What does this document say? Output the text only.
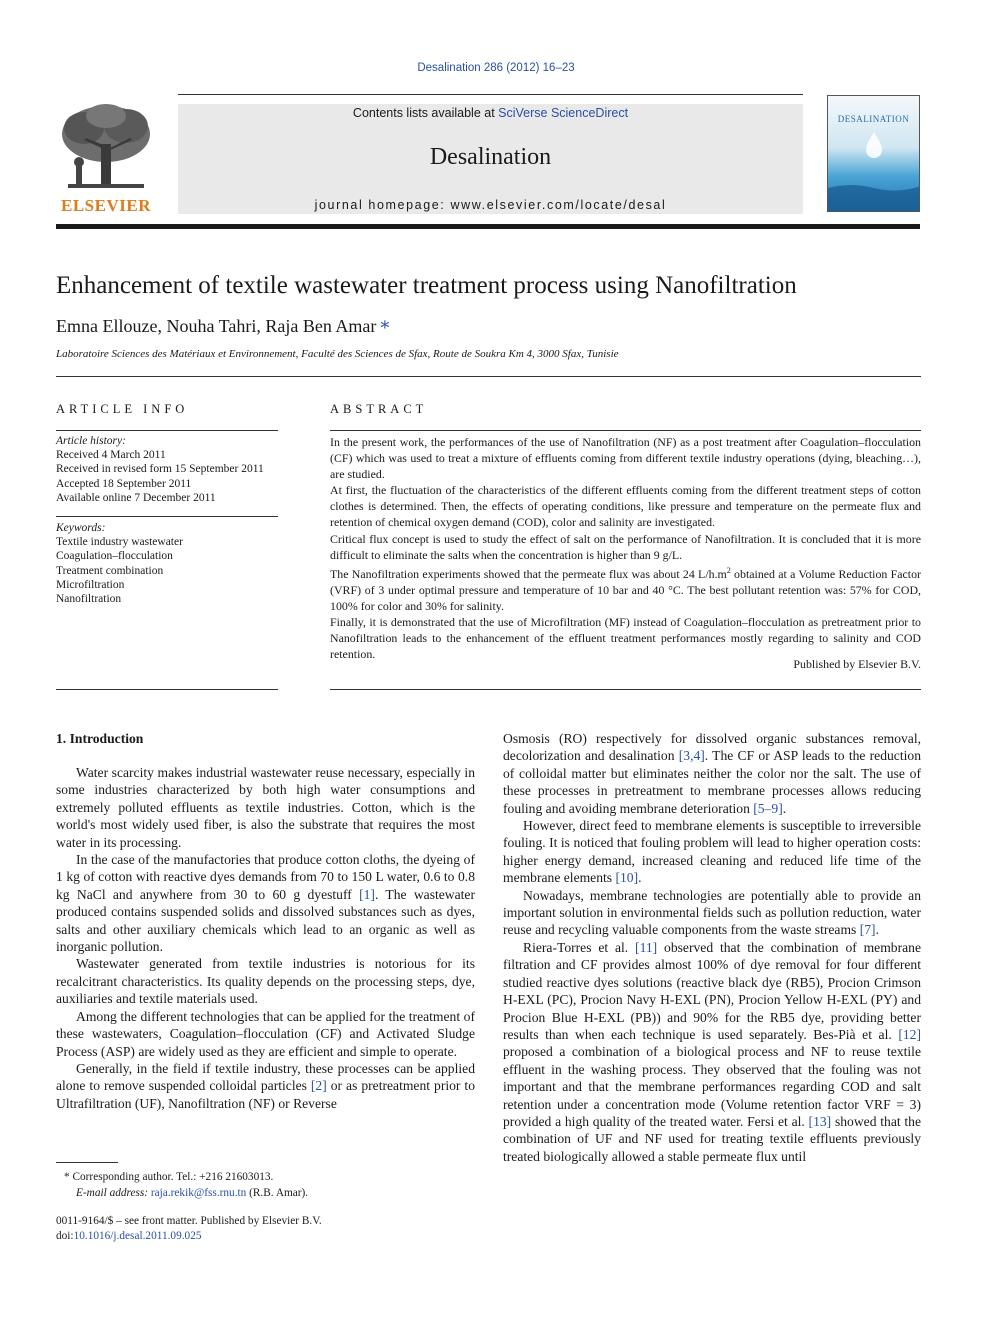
Desalination 286 (2012) 16–23
ELSEVIER
Contents lists available at SciVerse ScienceDirect
Desalination
journal homepage: www.elsevier.com/locate/desal
DESALINATION
Enhancement of textile wastewater treatment process using Nanofiltration
Emna Ellouze, Nouha Tahri, Raja Ben Amar ⁎
Laboratoire Sciences des Matériaux et Environnement, Faculté des Sciences de Sfax, Route de Soukra Km 4, 3000 Sfax, Tunisie
ARTICLE INFO
Article history:
Received 4 March 2011
Received in revised form 15 September 2011
Accepted 18 September 2011
Available online 7 December 2011
Keywords:
Textile industry wastewater
Coagulation–flocculation
Treatment combination
Microfiltration
Nanofiltration
ABSTRACT

In the present work, the performances of the use of Nanofiltration (NF) as a post treatment after Coagulation–flocculation (CF) which was used to treat a mixture of effluents coming from different textile industry operations (dying, bleaching…), are studied.

At first, the fluctuation of the characteristics of the different effluents coming from the different treatment steps of cotton clothes is determined. Then, the effects of operating conditions, like pressure and temperature on the permeate flux and retention of chemical oxygen demand (COD), color and salinity are investigated.

Critical flux concept is used to study the effect of salt on the performance of Nanofiltration. It is concluded that it is more difficult to eliminate the salts when the concentration is higher than 9 g/L.

The Nanofiltration experiments showed that the permeate flux was about 24 $L/h.m^2$ obtained at a Volume Reduction Factor (VRF) of 3 under optimal pressure and temperature of 10 bar and 40 °C. The best pollutant retention was: 57% for COD, 100% for color and 30% for salinity.

Finally, it is demonstrated that the use of Microfiltration (MF) instead of Coagulation–flocculation as pretreatment prior to Nanofiltration leads to the enhancement of the effluent treatment performances mostly regarding to salinity and COD retention.

Published by Elsevier B.V.
1. Introduction

Water scarcity makes industrial wastewater reuse necessary, especially in some industries characterized by both high water consumptions and extremely polluted effluents as textile industries. Cotton, which is the world's most widely used fiber, is also the substrate that requires the most water in its processing.

In the case of the manufactories that produce cotton cloths, the dyeing of 1 kg of cotton with reactive dyes demands from 70 to 150 L water, 0.6 to 0.8 kg NaCl and anywhere from 30 to 60 g dyestuff [1]. The wastewater produced contains suspended solids and dissolved substances such as dyes, salts and other auxiliary chemicals which lead to an organic as well as inorganic pollution.

Wastewater generated from textile industries is notorious for its recalcitrant characteristics. Its quality depends on the processing steps, dye, auxiliaries and textile materials used.

Among the different technologies that can be applied for the treatment of these wastewaters, Coagulation–flocculation (CF) and Activated Sludge Process (ASP) are widely used as they are efficient and simple to operate.

Generally, in the field if textile industry, these processes can be applied alone to remove suspended colloidal particles [2] or as pretreatment prior to Ultrafiltration (UF), Nanofiltration (NF) or Reverse

Osmosis (RO) respectively for dissolved organic substances removal, decolorization and desalination [3,4]. The CF or ASP leads to the reduction of colloidal matter but eliminates neither the color nor the salt. The use of these processes in pretreatment to membrane processes allows reducing fouling and avoiding membrane deterioration [5–9].

However, direct feed to membrane elements is susceptible to irreversible fouling. It is noticed that fouling problem will lead to higher operation costs: higher energy demand, increased cleaning and reduced life time of the membrane elements [10].

Nowadays, membrane technologies are potentially able to provide an important solution in environmental fields such as pollution reduction, water reuse and recycling valuable components from the waste streams [7].

Riera-Torres et al. [11] observed that the combination of membrane filtration and CF provides almost 100% of dye removal for four different studied reactive dyes solutions (reactive black dye (RB5), Procion Crimson H-EXL (PC), Procion Navy H-EXL (PN), Procion Yellow H-EXL (PY) and Procion Blue H-EXL (PB)) and 90% for the RB5 dye, providing better results than when each technique is used separately. Bes-Pià et al. [12] proposed a combination of a biological process and NF to reuse textile effluent in the washing process. They observed that the fouling was not important and that the membrane performances regarding COD and salt retention under a concentration mode (Volume retention factor VRF = 3) provided a high quality of the treated water. Fersi et al. [13] showed that the combination of UF and NF used for treating textile effluents previously treated biologically allowed a stable permeate flux until

* Corresponding author. Tel.: +216 21603013.
E-mail address: raja.rekik@fss.rnu.tn (R.B. Amar).
0011-9164/$ – see front matter. Published by Elsevier B.V.
doi:10.1016/j.desal.2011.09.025
